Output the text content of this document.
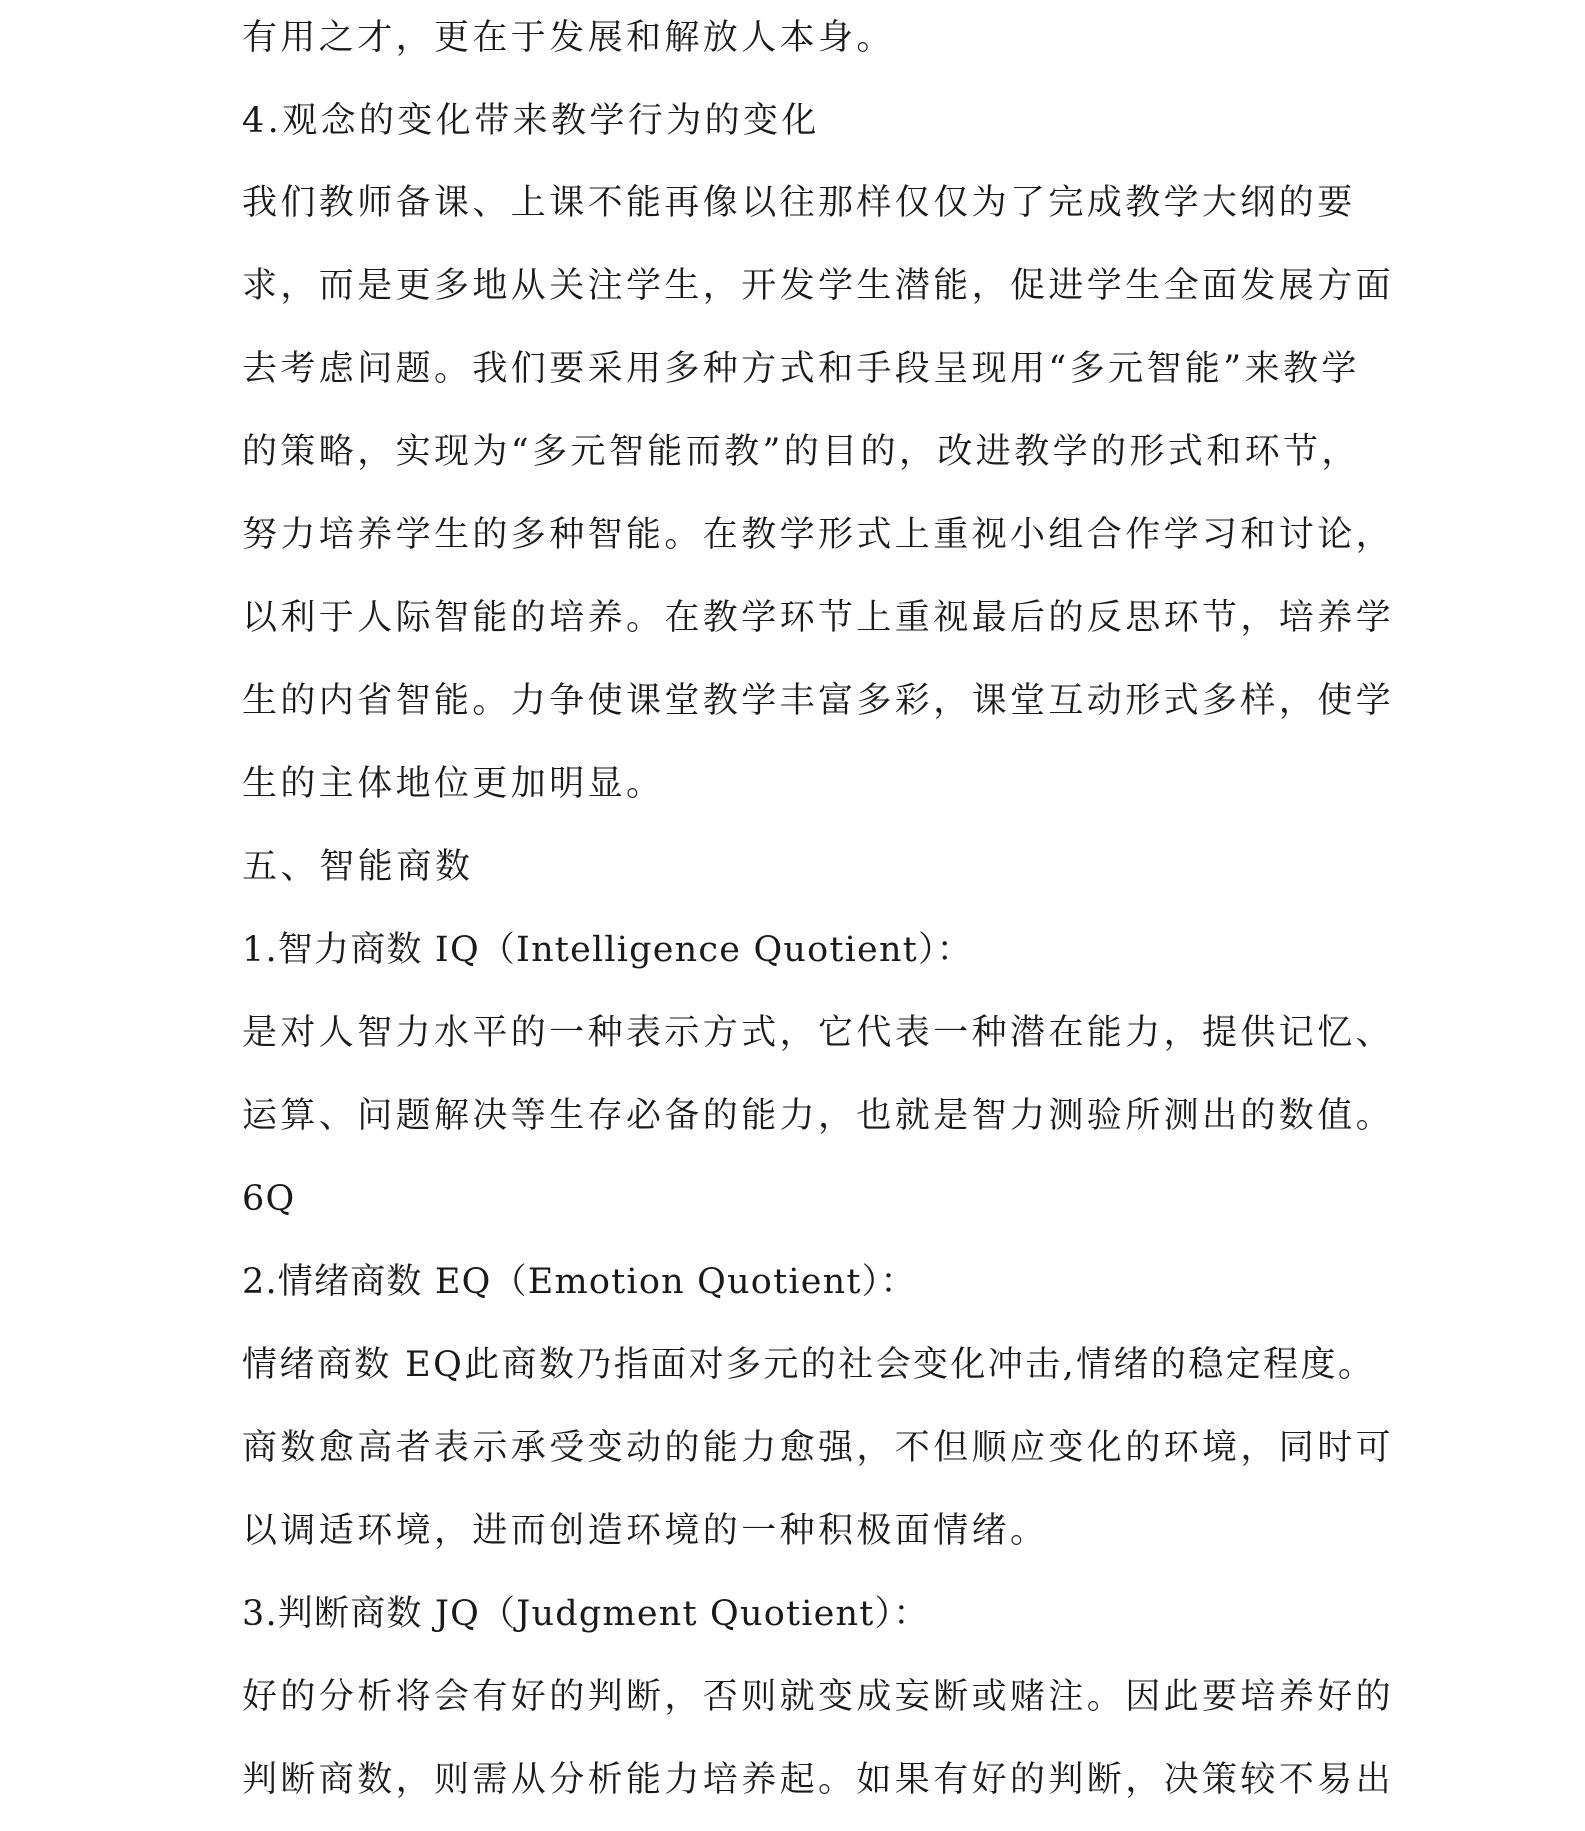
有用之才，更在于发展和解放人本身。
4.观念的变化带来教学行为的变化
我们教师备课、上课不能再像以往那样仅仅为了完成教学大纲的要
求，而是更多地从关注学生，开发学生潜能，促进学生全面发展方面
去考虑问题。我们要采用多种方式和手段呈现用“多元智能”来教学
的策略，实现为“多元智能而教”的目的，改进教学的形式和环节，
努力培养学生的多种智能。在教学形式上重视小组合作学习和讨论，
以利于人际智能的培养。在教学环节上重视最后的反思环节，培养学
生的内省智能。力争使课堂教学丰富多彩，课堂互动形式多样，使学
生的主体地位更加明显。
五、智能商数
1.智力商数 IQ（Intelligence Quotient）：
是对人智力水平的一种表示方式，它代表一种潜在能力，提供记忆、
运算、问题解决等生存必备的能力，也就是智力测验所测出的数值。
6Q
2.情绪商数 EQ（Emotion Quotient）：
情绪商数 EQ此商数乃指面对多元的社会变化冲击,情绪的稳定程度。
商数愈高者表示承受变动的能力愈强，不但顺应变化的环境，同时可
以调适环境，进而创造环境的一种积极面情绪。
3.判断商数 JQ（Judgment Quotient）：
好的分析将会有好的判断，否则就变成妄断或赌注。因此要培养好的
判断商数，则需从分析能力培养起。如果有好的判断，决策较不易出
